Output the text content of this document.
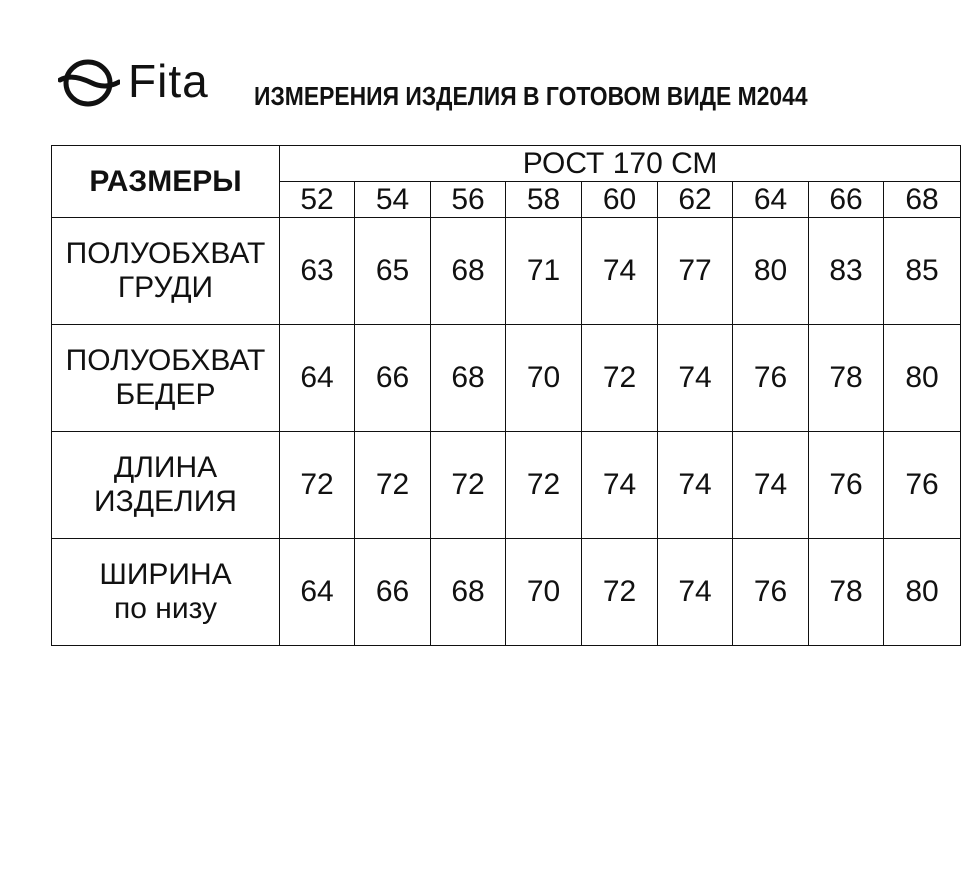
Fita ИЗМЕРЕНИЯ ИЗДЕЛИЯ В ГОТОВОМ ВИДЕ М2044
РАЗМЕРЫ	РОСТ 170 СМ								
	52	54	56	58	60	62	64	66	68
ПОЛУОБХВАТ
ГРУДИ	63	65	68	71	74	77	80	83	85
ПОЛУОБХВАТ
БЕДЕР	64	66	68	70	72	74	76	78	80
ДЛИНА
ИЗДЕЛИЯ	72	72	72	72	74	74	74	76	76
ШИРИНА
по низу	64	66	68	70	72	74	76	78	80
